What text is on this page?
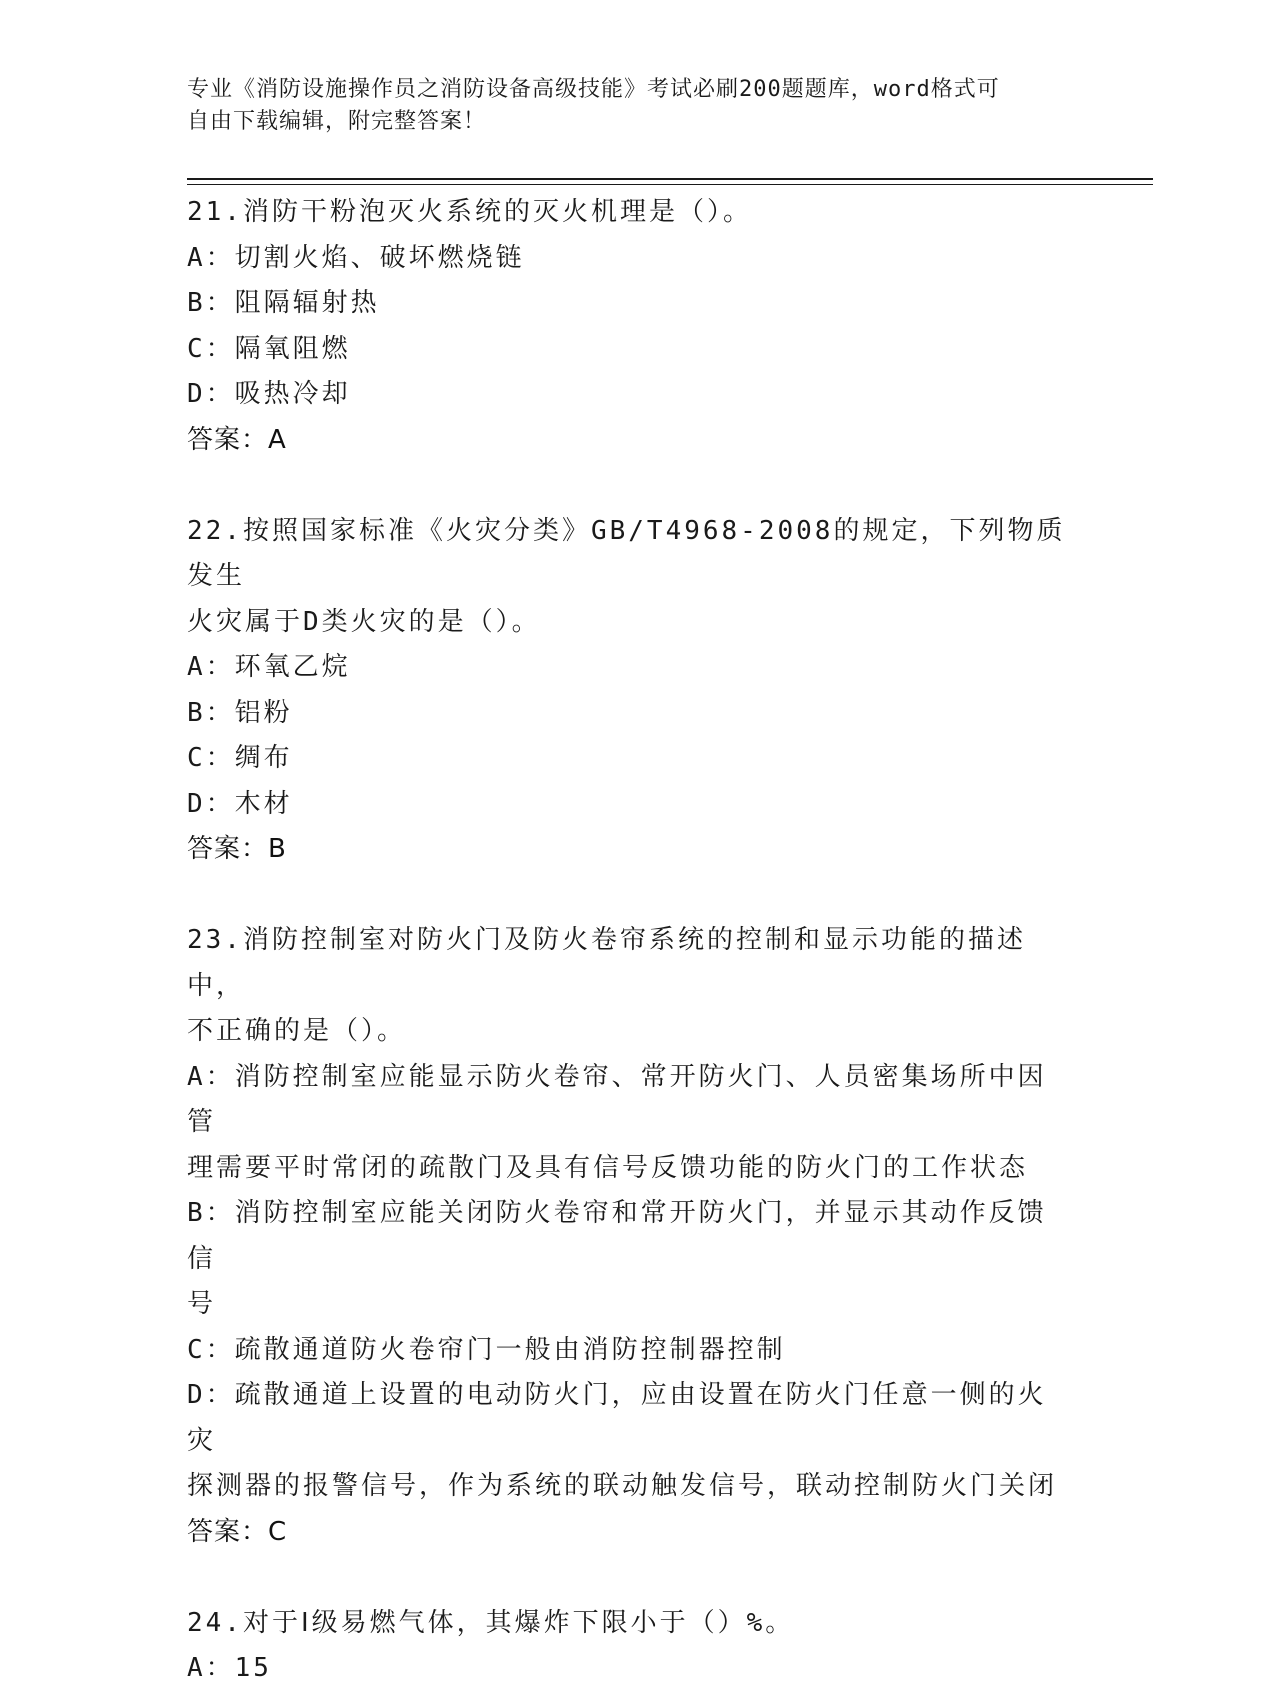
专业《消防设施操作员之消防设备高级技能》考试必刷200题题库，word格式可
自由下载编辑，附完整答案！
21.消防干粉泡灭火系统的灭火机理是（）。
A：切割火焰、破坏燃烧链
B：阻隔辐射热
C：隔氧阻燃
D：吸热冷却
答案：A
22.按照国家标准《火灾分类》GB/T4968-2008的规定，下列物质发生
火灾属于D类火灾的是（）。
A：环氧乙烷
B：铝粉
C：绸布
D：木材
答案：B
23.消防控制室对防火门及防火卷帘系统的控制和显示功能的描述中，
不正确的是（）。
A：消防控制室应能显示防火卷帘、常开防火门、人员密集场所中因管
理需要平时常闭的疏散门及具有信号反馈功能的防火门的工作状态
B：消防控制室应能关闭防火卷帘和常开防火门，并显示其动作反馈信
号
C：疏散通道防火卷帘门一般由消防控制器控制
D：疏散通道上设置的电动防火门，应由设置在防火门任意一侧的火灾
探测器的报警信号，作为系统的联动触发信号，联动控制防火门关闭
答案：C
24.对于Ⅰ级易燃气体，其爆炸下限小于（）%。
A：15
